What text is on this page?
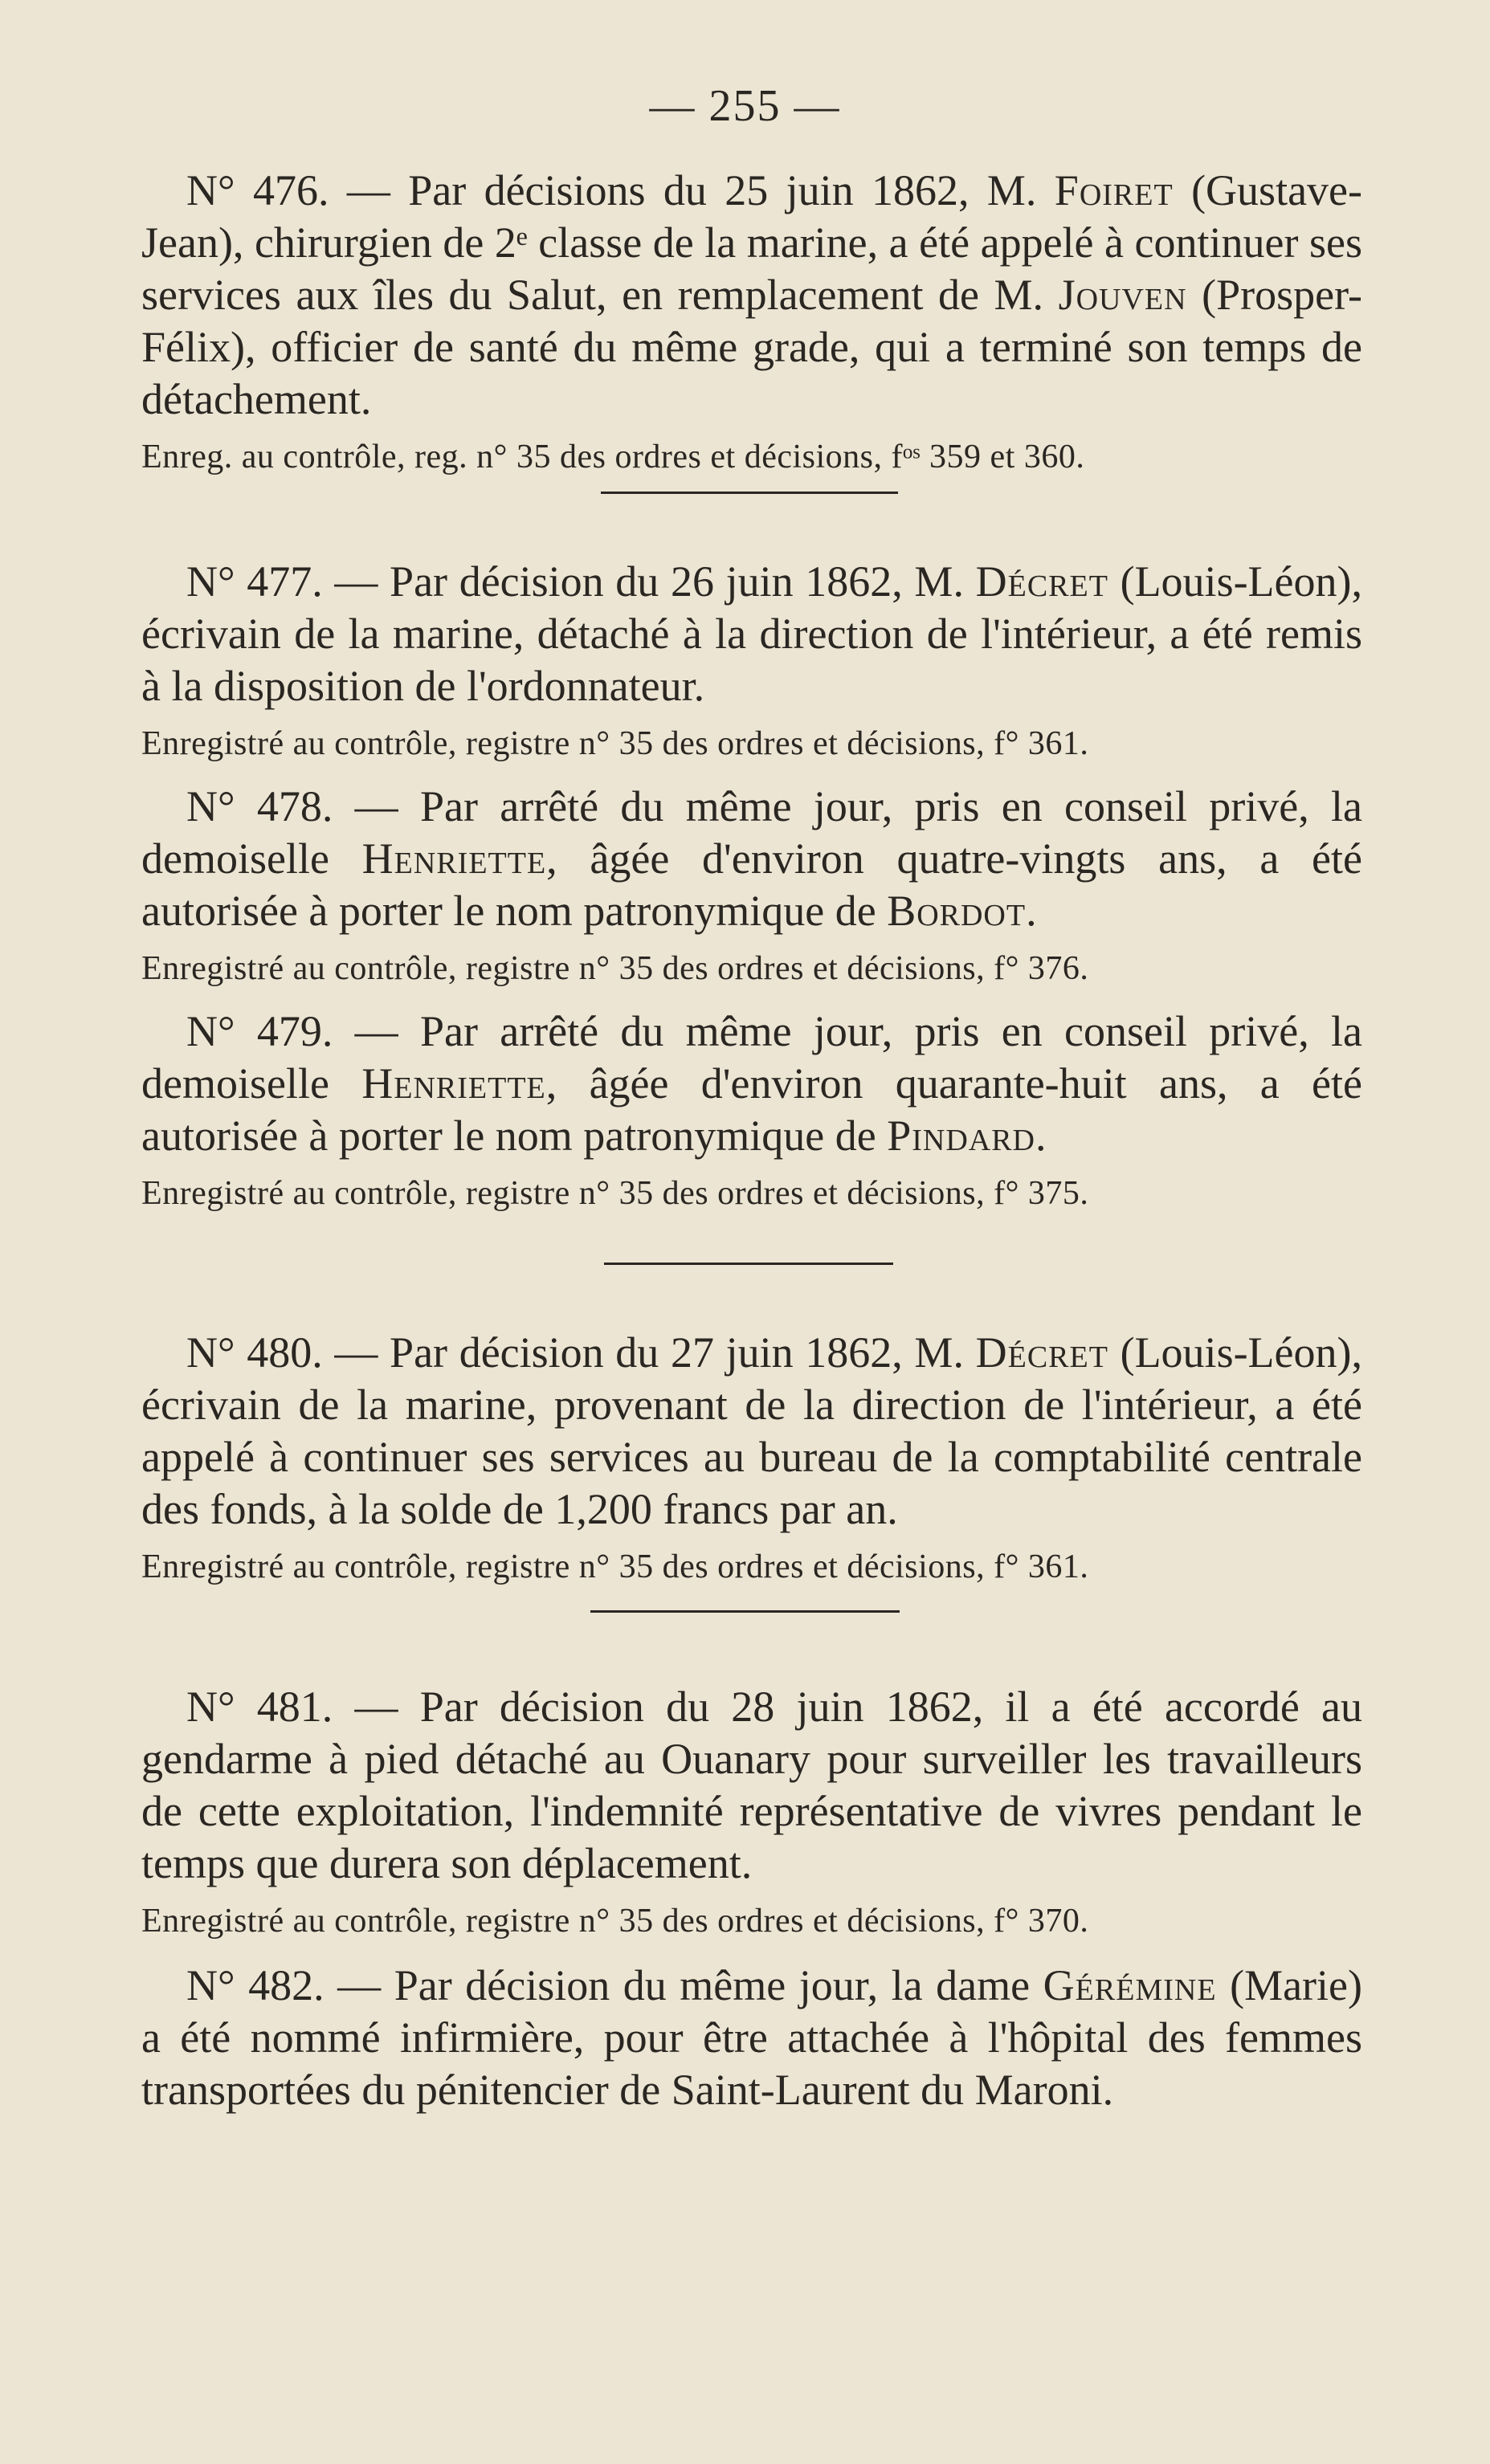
— 255 —

N° 476. — Par décisions du 25 juin 1862, M. Foiret (Gustave-Jean), chirurgien de 2ᵉ classe de la marine, a été appelé à continuer ses services aux îles du Salut, en remplacement de M. Jouven (Prosper-Félix), officier de santé du même grade, qui a terminé son temps de détachement.

Enreg. au contrôle, reg. n° 35 des ordres et décisions, fᵒˢ 359 et 360.

N° 477. — Par décision du 26 juin 1862, M. Décret (Louis-Léon), écrivain de la marine, détaché à la direction de l'intérieur, a été remis à la disposition de l'ordonnateur.

Enregistré au contrôle, registre n° 35 des ordres et décisions, f° 361.

N° 478. — Par arrêté du même jour, pris en conseil privé, la demoiselle Henriette, âgée d'environ quatre-vingts ans, a été autorisée à porter le nom patronymique de Bordot.

Enregistré au contrôle, registre n° 35 des ordres et décisions, f° 376.

N° 479. — Par arrêté du même jour, pris en conseil privé, la demoiselle Henriette, âgée d'environ quarante-huit ans, a été autorisée à porter le nom patronymique de Pindard.

Enregistré au contrôle, registre n° 35 des ordres et décisions, f° 375.

N° 480. — Par décision du 27 juin 1862, M. Décret (Louis-Léon), écrivain de la marine, provenant de la direction de l'intérieur, a été appelé à continuer ses services au bureau de la comptabilité centrale des fonds, à la solde de 1,200 francs par an.

Enregistré au contrôle, registre n° 35 des ordres et décisions, f° 361.

N° 481. — Par décision du 28 juin 1862, il a été accordé au gendarme à pied détaché au Ouanary pour surveiller les travailleurs de cette exploitation, l'indemnité représentative de vivres pendant le temps que durera son déplacement.

Enregistré au contrôle, registre n° 35 des ordres et décisions, f° 370.

N° 482. — Par décision du même jour, la dame Gérémine (Marie) a été nommé infirmière, pour être attachée à l'hôpital des femmes transportées du pénitencier de Saint-Laurent du Maroni.
